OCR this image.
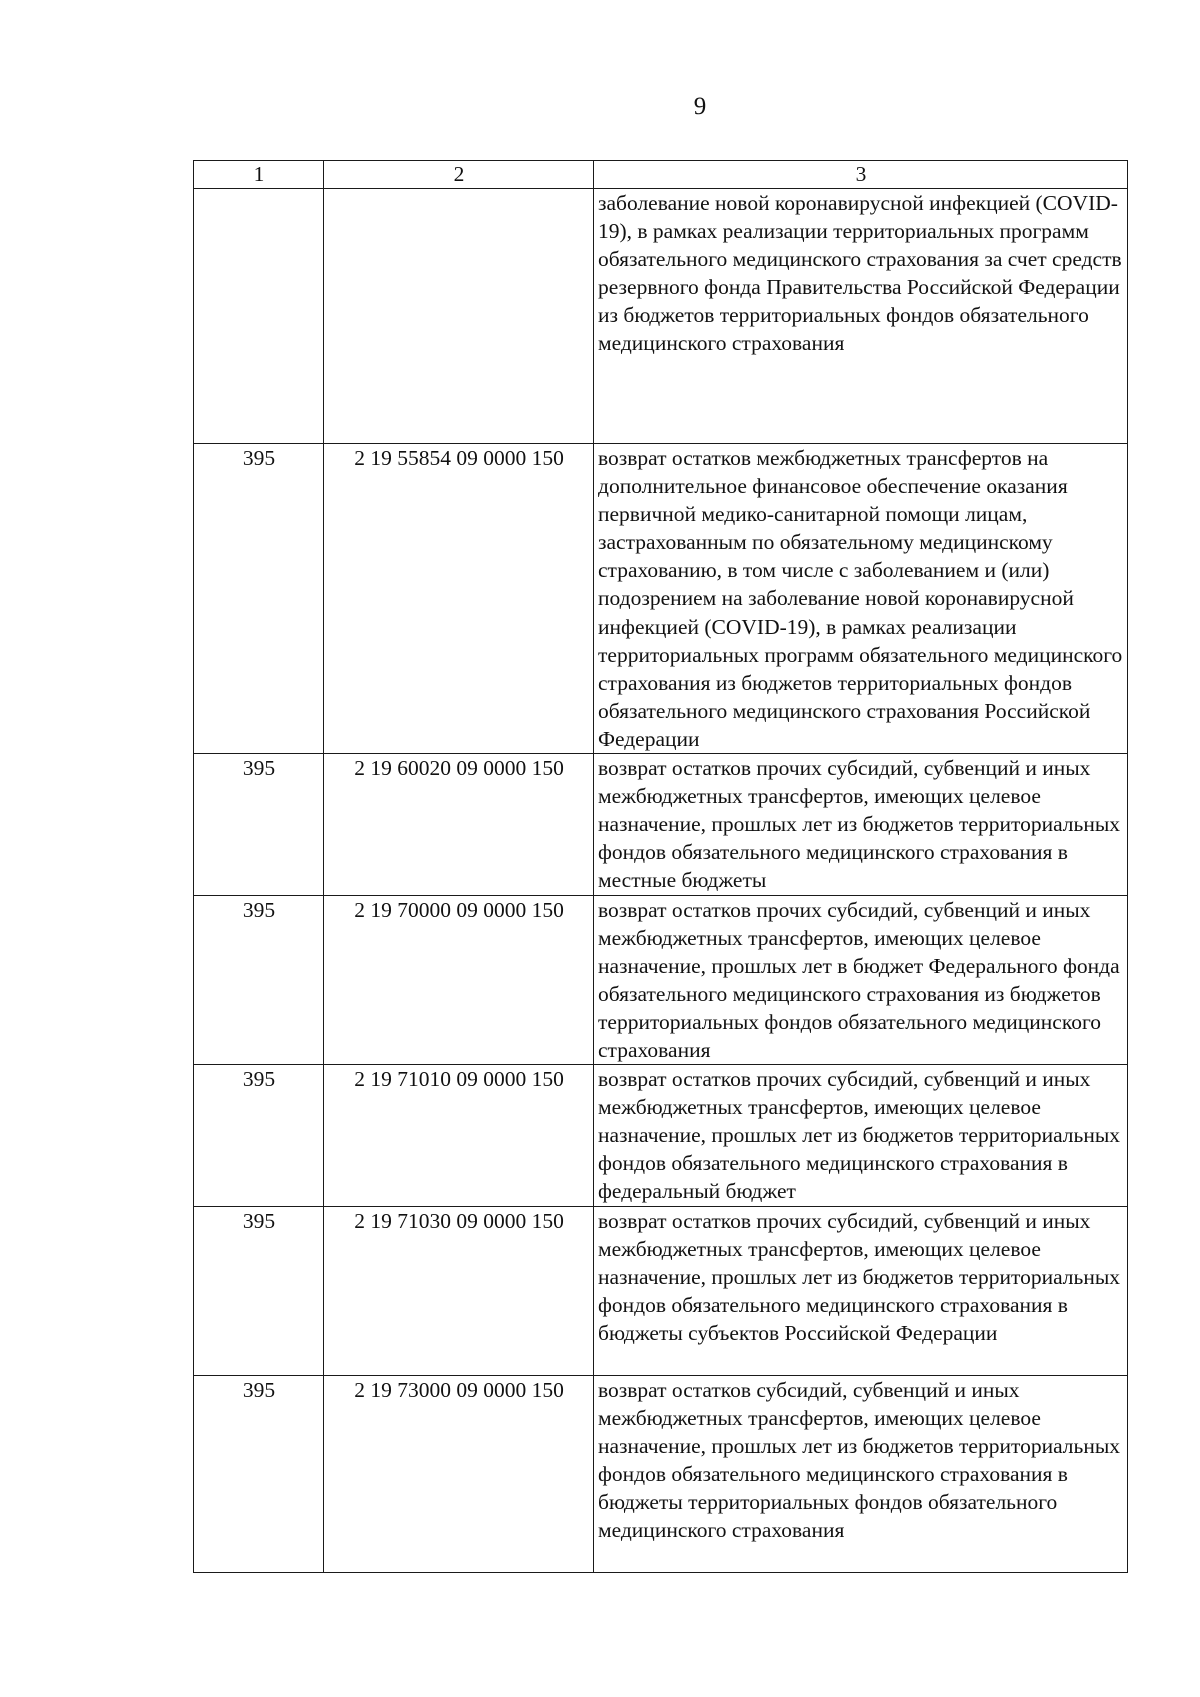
9
1	2	3
		заболевание новой коронавирусной инфекцией (COVID-19), в рамках реализации территориальных программ обязательного медицинского страхования за счет средств резервного фонда Правительства Российской Федерации из бюджетов территориальных фондов обязательного медицинского страхования
395	2 19 55854 09 0000 150	возврат остатков межбюджетных трансфертов на дополнительное финансовое обеспечение оказания первичной медико-санитарной помощи лицам, застрахованным по обязательному медицинскому страхованию, в том числе с заболеванием и (или) подозрением на заболевание новой коронавирусной инфекцией (COVID-19), в рамках реализации территориальных программ обязательного медицинского страхования из бюджетов территориальных фондов обязательного медицинского страхования Российской Федерации
395	2 19 60020 09 0000 150	возврат остатков прочих субсидий, субвенций и иных межбюджетных трансфертов, имеющих целевое назначение, прошлых лет из бюджетов территориальных фондов обязательного медицинского страхования в местные бюджеты
395	2 19 70000 09 0000 150	возврат остатков прочих субсидий, субвенций и иных межбюджетных трансфертов, имеющих целевое назначение, прошлых лет в бюджет Федерального фонда обязательного медицинского страхования из бюджетов территориальных фондов обязательного медицинского страхования
395	2 19 71010 09 0000 150	возврат остатков прочих субсидий, субвенций и иных межбюджетных трансфертов, имеющих целевое назначение, прошлых лет из бюджетов территориальных фондов обязательного медицинского страхования в федеральный бюджет
395	2 19 71030 09 0000 150	возврат остатков прочих субсидий, субвенций и иных межбюджетных трансфертов, имеющих целевое назначение, прошлых лет из бюджетов территориальных фондов обязательного медицинского страхования в бюджеты субъектов Российской Федерации
395	2 19 73000 09 0000 150	возврат остатков субсидий, субвенций и иных межбюджетных трансфертов, имеющих целевое назначение, прошлых лет из бюджетов территориальных фондов обязательного медицинского страхования в бюджеты территориальных фондов обязательного медицинского страхования
